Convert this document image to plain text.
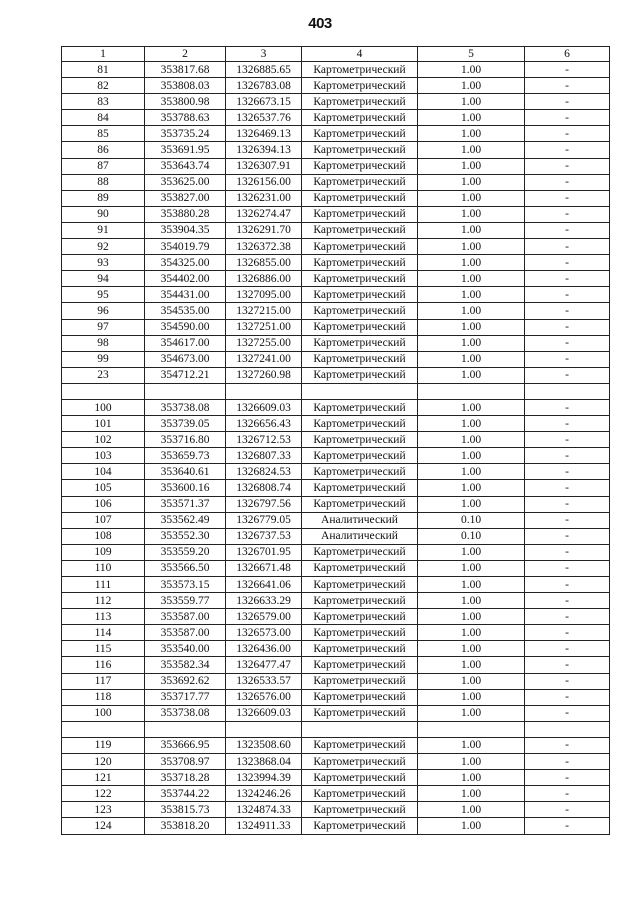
403
1	2	3	4	5	6
81	353817.68	1326885.65	Картометрический	1.00	-
82	353808.03	1326783.08	Картометрический	1.00	-
83	353800.98	1326673.15	Картометрический	1.00	-
84	353788.63	1326537.76	Картометрический	1.00	-
85	353735.24	1326469.13	Картометрический	1.00	-
86	353691.95	1326394.13	Картометрический	1.00	-
87	353643.74	1326307.91	Картометрический	1.00	-
88	353625.00	1326156.00	Картометрический	1.00	-
89	353827.00	1326231.00	Картометрический	1.00	-
90	353880.28	1326274.47	Картометрический	1.00	-
91	353904.35	1326291.70	Картометрический	1.00	-
92	354019.79	1326372.38	Картометрический	1.00	-
93	354325.00	1326855.00	Картометрический	1.00	-
94	354402.00	1326886.00	Картометрический	1.00	-
95	354431.00	1327095.00	Картометрический	1.00	-
96	354535.00	1327215.00	Картометрический	1.00	-
97	354590.00	1327251.00	Картометрический	1.00	-
98	354617.00	1327255.00	Картометрический	1.00	-
99	354673.00	1327241.00	Картометрический	1.00	-
23	354712.21	1327260.98	Картометрический	1.00	-

100	353738.08	1326609.03	Картометрический	1.00	-
101	353739.05	1326656.43	Картометрический	1.00	-
102	353716.80	1326712.53	Картометрический	1.00	-
103	353659.73	1326807.33	Картометрический	1.00	-
104	353640.61	1326824.53	Картометрический	1.00	-
105	353600.16	1326808.74	Картометрический	1.00	-
106	353571.37	1326797.56	Картометрический	1.00	-
107	353562.49	1326779.05	Аналитический	0.10	-
108	353552.30	1326737.53	Аналитический	0.10	-
109	353559.20	1326701.95	Картометрический	1.00	-
110	353566.50	1326671.48	Картометрический	1.00	-
111	353573.15	1326641.06	Картометрический	1.00	-
112	353559.77	1326633.29	Картометрический	1.00	-
113	353587.00	1326579.00	Картометрический	1.00	-
114	353587.00	1326573.00	Картометрический	1.00	-
115	353540.00	1326436.00	Картометрический	1.00	-
116	353582.34	1326477.47	Картометрический	1.00	-
117	353692.62	1326533.57	Картометрический	1.00	-
118	353717.77	1326576.00	Картометрический	1.00	-
100	353738.08	1326609.03	Картометрический	1.00	-

119	353666.95	1323508.60	Картометрический	1.00	-
120	353708.97	1323868.04	Картометрический	1.00	-
121	353718.28	1323994.39	Картометрический	1.00	-
122	353744.22	1324246.26	Картометрический	1.00	-
123	353815.73	1324874.33	Картометрический	1.00	-
124	353818.20	1324911.33	Картометрический	1.00	-
